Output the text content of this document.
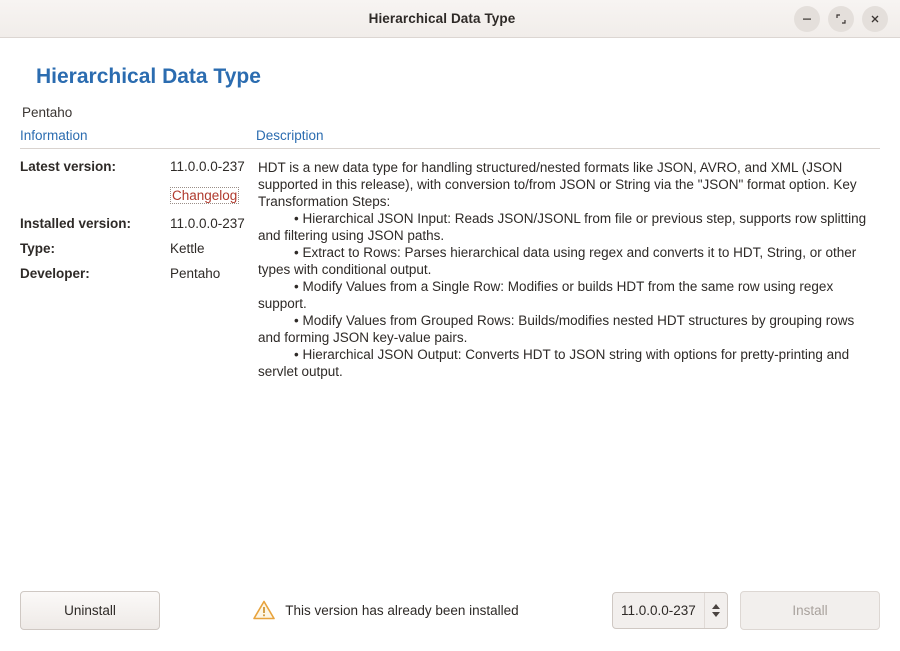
Hierarchical Data Type
Hierarchical Data Type
Pentaho
Information	Description
Latest version:	11.0.0.0-237
Changelog
Installed version:	11.0.0.0-237
Type:	Kettle
Developer:	Pentaho

HDT is a new data type for handling structured/nested formats like JSON, AVRO, and XML (JSON supported in this release), with conversion to/from JSON or String via the "JSON" format option. Key Transformation Steps:

• Hierarchical JSON Input: Reads JSON/JSONL from file or previous step, supports row splitting and filtering using JSON paths.

• Extract to Rows: Parses hierarchical data using regex and converts it to HDT, String, or other types with conditional output.

• Modify Values from a Single Row: Modifies or builds HDT from the same row using regex support.

• Modify Values from Grouped Rows: Builds/modifies nested HDT structures by grouping rows and forming JSON key-value pairs.

• Hierarchical JSON Output: Converts HDT to JSON string with options for pretty-printing and servlet output.

Uninstall	This version has already been installed	11.0.0.0-237	Install
